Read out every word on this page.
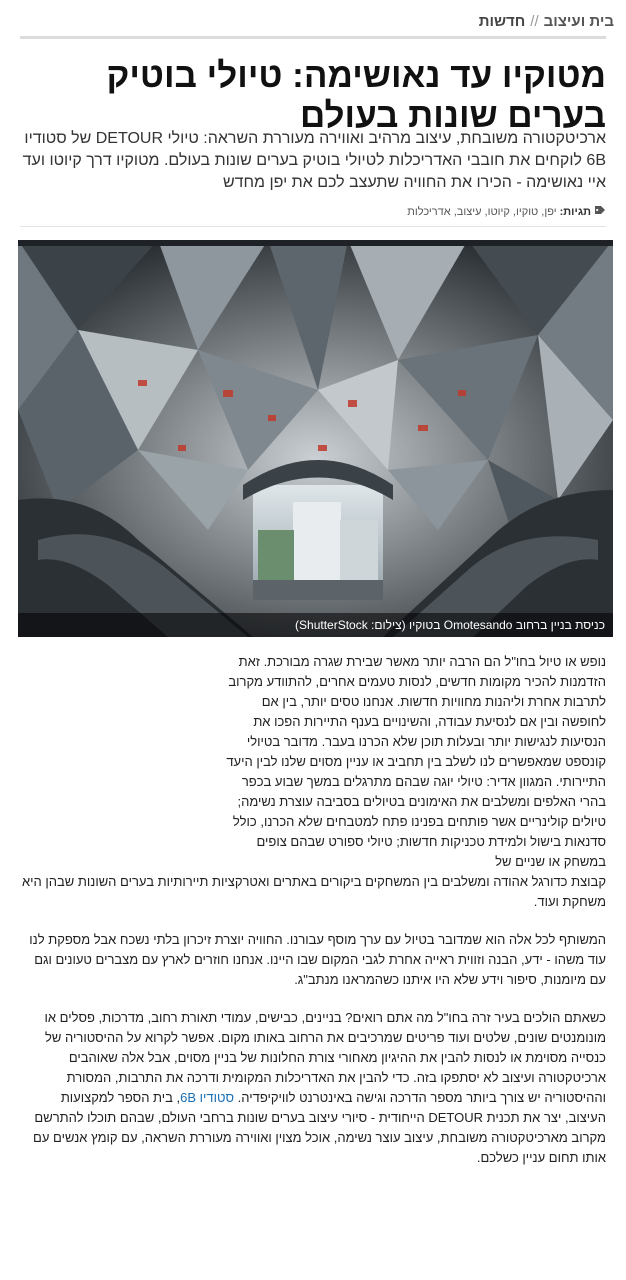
בית ועיצוב//חדשות
מטוקיו עד נאושימה: טיולי בוטיק בערים שונות בעולם

ארכיטקטורה משובחת, עיצוב מרהיב ואווירה מעוררת השראה: טיולי DETOUR של סטודיו 6B לוקחים את חובבי האדריכלות לטיולי בוטיק בערים שונות בעולם. מטוקיו דרך קיוטו ועד איי נאושימה - הכירו את החוויה שתעצב לכם את יפן מחדש

תגיות: יפן, טוקיו, קיוטו, עיצוב, אדריכלות
כניסת בניין ברחוב Omotesando בטוקיו (צילום: ShutterStock)

נופש או טיול בחו"ל הם הרבה יותר מאשר שבירת שגרה מבורכת. זאת הזדמנות להכיר מקומות חדשים, לנסות טעמים אחרים, להתוודע מקרוב לתרבות אחרת וליהנות מחוויות חדשות. אנחנו טסים יותר, בין אם לחופשה ובין אם לנסיעת עבודה, והשינויים בענף התיירות הפכו את הנסיעות לנגישות יותר ובעלות תוכן שלא הכרנו בעבר. מדובר בטיולי קונספט שמאפשרים לנו לשלב בין תחביב או עניין מסוים שלנו לבין היעד התיירותי. המגוון אדיר: טיולי יוגה שבהם מתרגלים במשך שבוע בכפר בהרי האלפים ומשלבים את האימונים בטיולים בסביבה עוצרת נשימה; טיולים קולינריים אשר פותחים בפנינו פתח למטבחים שלא הכרנו, כולל סדנאות בישול ולמידת טכניקות חדשות; טיולי ספורט שבהם צופים במשחק או שניים של

קבוצת כדורגל אהודה ומשלבים בין המשחקים ביקורים באתרים ואטרקציות תיירותיות בערים השונות שבהן היא משחקת ועוד.

המשותף לכל אלה הוא שמדובר בטיול עם ערך מוסף עבורנו. החוויה יוצרת זיכרון בלתי נשכח אבל מספקת לנו עוד משהו - ידע, הבנה וזווית ראייה אחרת לגבי המקום שבו היינו. אנחנו חוזרים לארץ עם מצברים טעונים וגם עם מיומנות, סיפור וידע שלא היו איתנו כשהמראנו מנתב"ג.

כשאתם הולכים בעיר זרה בחו"ל מה אתם רואים? בניינים, כבישים, עמודי תאורת רחוב, מדרכות, פסלים או מונומנטים שונים, שלטים ועוד פריטים שמרכיבים את הרחוב באותו מקום. אפשר לקרוא על ההיסטוריה של כנסייה מסוימת או לנסות להבין את ההיגיון מאחורי צורת החלונות של בניין מסוים, אבל אלה שאוהבים ארכיטקטורה ועיצוב לא יסתפקו בזה. כדי להבין את האדריכלות המקומית ודרכה את התרבות, המסורת וההיסטוריה יש צורך ביותר מספר הדרכה וגישה באינטרנט לוויקיפדיה. סטודיו 6B, בית הספר למקצועות העיצוב, יצר את תכנית DETOUR הייחודית - סיורי עיצוב בערים שונות ברחבי העולם, שבהם תוכלו להתרשם מקרוב מארכיטקטורה משובחת, עיצוב עוצר נשימה, אוכל מצוין ואווירה מעוררת השראה, עם קומץ אנשים עם אותו תחום עניין כשלכם.
